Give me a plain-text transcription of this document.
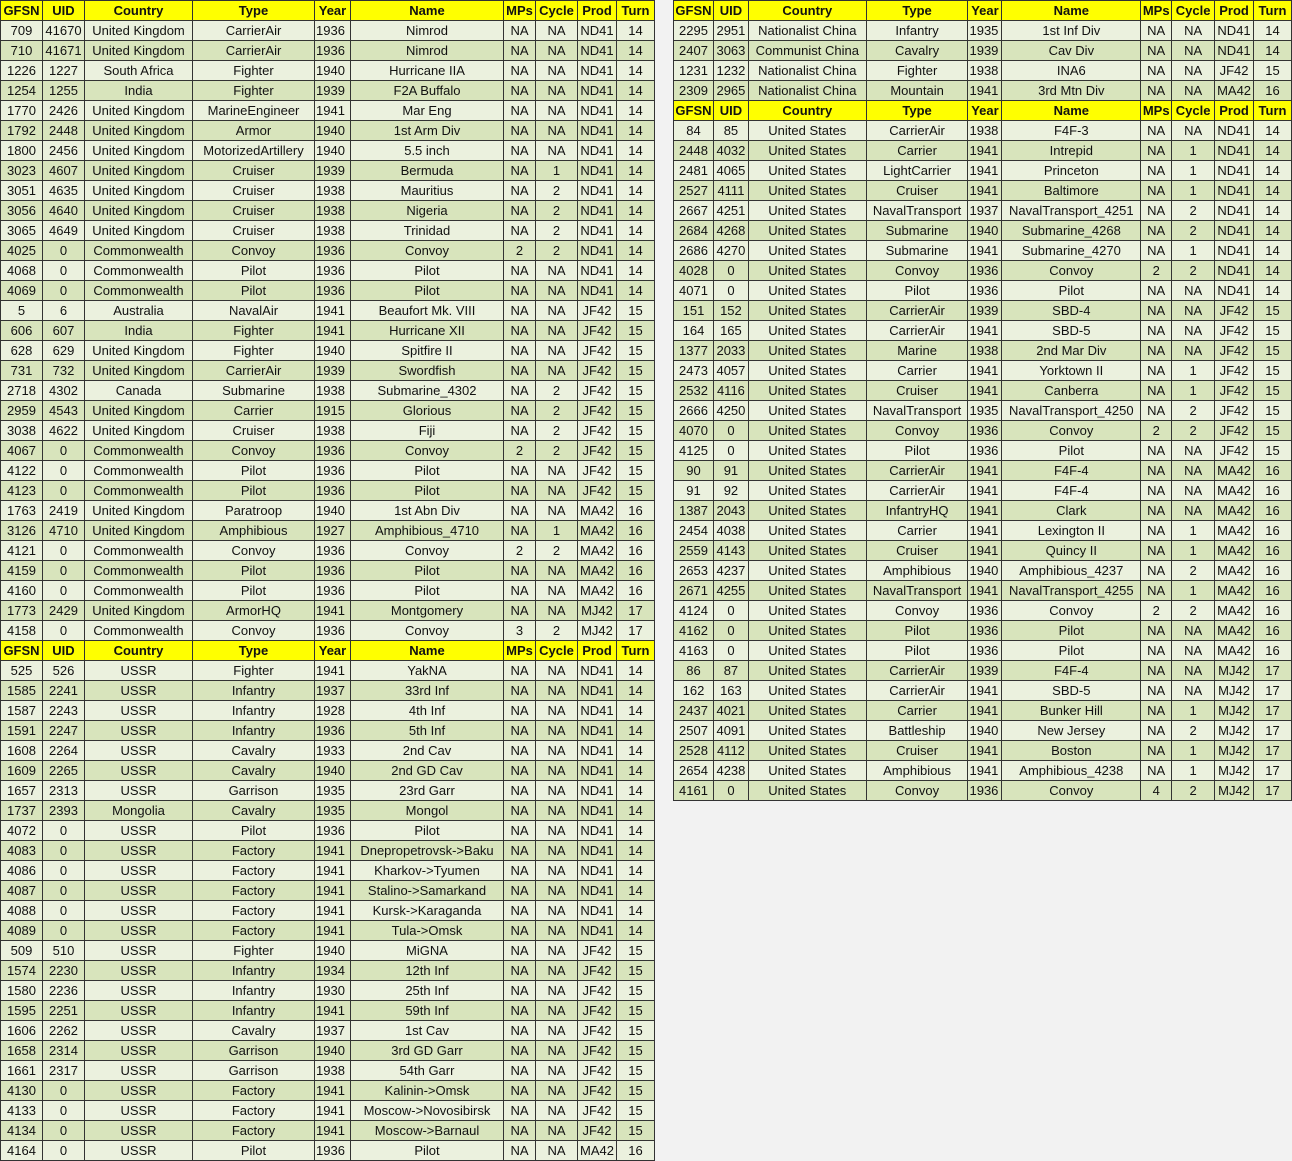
GFSN	UID	Country	Type	Year	Name	MPs	Cycle	Prod	Turn
709	41670	United Kingdom	CarrierAir	1936	Nimrod	NA	NA	ND41	14
710	41671	United Kingdom	CarrierAir	1936	Nimrod	NA	NA	ND41	14
1226	1227	South Africa	Fighter	1940	Hurricane IIA	NA	NA	ND41	14
1254	1255	India	Fighter	1939	F2A Buffalo	NA	NA	ND41	14
1770	2426	United Kingdom	MarineEngineer	1941	Mar Eng	NA	NA	ND41	14
1792	2448	United Kingdom	Armor	1940	1st Arm Div	NA	NA	ND41	14
1800	2456	United Kingdom	MotorizedArtillery	1940	5.5 inch	NA	NA	ND41	14
3023	4607	United Kingdom	Cruiser	1939	Bermuda	NA	1	ND41	14
3051	4635	United Kingdom	Cruiser	1938	Mauritius	NA	2	ND41	14
3056	4640	United Kingdom	Cruiser	1938	Nigeria	NA	2	ND41	14
3065	4649	United Kingdom	Cruiser	1938	Trinidad	NA	2	ND41	14
4025	0	Commonwealth	Convoy	1936	Convoy	2	2	ND41	14
4068	0	Commonwealth	Pilot	1936	Pilot	NA	NA	ND41	14
4069	0	Commonwealth	Pilot	1936	Pilot	NA	NA	ND41	14
5	6	Australia	NavalAir	1941	Beaufort Mk. VIII	NA	NA	JF42	15
606	607	India	Fighter	1941	Hurricane XII	NA	NA	JF42	15
628	629	United Kingdom	Fighter	1940	Spitfire II	NA	NA	JF42	15
731	732	United Kingdom	CarrierAir	1939	Swordfish	NA	NA	JF42	15
2718	4302	Canada	Submarine	1938	Submarine_4302	NA	2	JF42	15
2959	4543	United Kingdom	Carrier	1915	Glorious	NA	2	JF42	15
3038	4622	United Kingdom	Cruiser	1938	Fiji	NA	2	JF42	15
4067	0	Commonwealth	Convoy	1936	Convoy	2	2	JF42	15
4122	0	Commonwealth	Pilot	1936	Pilot	NA	NA	JF42	15
4123	0	Commonwealth	Pilot	1936	Pilot	NA	NA	JF42	15
1763	2419	United Kingdom	Paratroop	1940	1st Abn Div	NA	NA	MA42	16
3126	4710	United Kingdom	Amphibious	1927	Amphibious_4710	NA	1	MA42	16
4121	0	Commonwealth	Convoy	1936	Convoy	2	2	MA42	16
4159	0	Commonwealth	Pilot	1936	Pilot	NA	NA	MA42	16
4160	0	Commonwealth	Pilot	1936	Pilot	NA	NA	MA42	16
1773	2429	United Kingdom	ArmorHQ	1941	Montgomery	NA	NA	MJ42	17
4158	0	Commonwealth	Convoy	1936	Convoy	3	2	MJ42	17
GFSN	UID	Country	Type	Year	Name	MPs	Cycle	Prod	Turn
525	526	USSR	Fighter	1941	YakNA	NA	NA	ND41	14
1585	2241	USSR	Infantry	1937	33rd Inf	NA	NA	ND41	14
1587	2243	USSR	Infantry	1928	4th Inf	NA	NA	ND41	14
1591	2247	USSR	Infantry	1936	5th Inf	NA	NA	ND41	14
1608	2264	USSR	Cavalry	1933	2nd Cav	NA	NA	ND41	14
1609	2265	USSR	Cavalry	1940	2nd GD Cav	NA	NA	ND41	14
1657	2313	USSR	Garrison	1935	23rd Garr	NA	NA	ND41	14
1737	2393	Mongolia	Cavalry	1935	Mongol	NA	NA	ND41	14
4072	0	USSR	Pilot	1936	Pilot	NA	NA	ND41	14
4083	0	USSR	Factory	1941	Dnepropetrovsk->Baku	NA	NA	ND41	14
4086	0	USSR	Factory	1941	Kharkov->Tyumen	NA	NA	ND41	14
4087	0	USSR	Factory	1941	Stalino->Samarkand	NA	NA	ND41	14
4088	0	USSR	Factory	1941	Kursk->Karaganda	NA	NA	ND41	14
4089	0	USSR	Factory	1941	Tula->Omsk	NA	NA	ND41	14
509	510	USSR	Fighter	1940	MiGNA	NA	NA	JF42	15
1574	2230	USSR	Infantry	1934	12th Inf	NA	NA	JF42	15
1580	2236	USSR	Infantry	1930	25th Inf	NA	NA	JF42	15
1595	2251	USSR	Infantry	1941	59th Inf	NA	NA	JF42	15
1606	2262	USSR	Cavalry	1937	1st Cav	NA	NA	JF42	15
1658	2314	USSR	Garrison	1940	3rd GD Garr	NA	NA	JF42	15
1661	2317	USSR	Garrison	1938	54th Garr	NA	NA	JF42	15
4130	0	USSR	Factory	1941	Kalinin->Omsk	NA	NA	JF42	15
4133	0	USSR	Factory	1941	Moscow->Novosibirsk	NA	NA	JF42	15
4134	0	USSR	Factory	1941	Moscow->Barnaul	NA	NA	JF42	15
4164	0	USSR	Pilot	1936	Pilot	NA	NA	MA42	16
GFSN	UID	Country	Type	Year	Name	MPs	Cycle	Prod	Turn
2295	2951	Nationalist China	Infantry	1935	1st Inf Div	NA	NA	ND41	14
2407	3063	Communist China	Cavalry	1939	Cav Div	NA	NA	ND41	14
1231	1232	Nationalist China	Fighter	1938	INA6	NA	NA	JF42	15
2309	2965	Nationalist China	Mountain	1941	3rd Mtn Div	NA	NA	MA42	16
GFSN	UID	Country	Type	Year	Name	MPs	Cycle	Prod	Turn
84	85	United States	CarrierAir	1938	F4F-3	NA	NA	ND41	14
2448	4032	United States	Carrier	1941	Intrepid	NA	1	ND41	14
2481	4065	United States	LightCarrier	1941	Princeton	NA	1	ND41	14
2527	4111	United States	Cruiser	1941	Baltimore	NA	1	ND41	14
2667	4251	United States	NavalTransport	1937	NavalTransport_4251	NA	2	ND41	14
2684	4268	United States	Submarine	1940	Submarine_4268	NA	2	ND41	14
2686	4270	United States	Submarine	1941	Submarine_4270	NA	1	ND41	14
4028	0	United States	Convoy	1936	Convoy	2	2	ND41	14
4071	0	United States	Pilot	1936	Pilot	NA	NA	ND41	14
151	152	United States	CarrierAir	1939	SBD-4	NA	NA	JF42	15
164	165	United States	CarrierAir	1941	SBD-5	NA	NA	JF42	15
1377	2033	United States	Marine	1938	2nd Mar Div	NA	NA	JF42	15
2473	4057	United States	Carrier	1941	Yorktown II	NA	1	JF42	15
2532	4116	United States	Cruiser	1941	Canberra	NA	1	JF42	15
2666	4250	United States	NavalTransport	1935	NavalTransport_4250	NA	2	JF42	15
4070	0	United States	Convoy	1936	Convoy	2	2	JF42	15
4125	0	United States	Pilot	1936	Pilot	NA	NA	JF42	15
90	91	United States	CarrierAir	1941	F4F-4	NA	NA	MA42	16
91	92	United States	CarrierAir	1941	F4F-4	NA	NA	MA42	16
1387	2043	United States	InfantryHQ	1941	Clark	NA	NA	MA42	16
2454	4038	United States	Carrier	1941	Lexington II	NA	1	MA42	16
2559	4143	United States	Cruiser	1941	Quincy II	NA	1	MA42	16
2653	4237	United States	Amphibious	1940	Amphibious_4237	NA	2	MA42	16
2671	4255	United States	NavalTransport	1941	NavalTransport_4255	NA	1	MA42	16
4124	0	United States	Convoy	1936	Convoy	2	2	MA42	16
4162	0	United States	Pilot	1936	Pilot	NA	NA	MA42	16
4163	0	United States	Pilot	1936	Pilot	NA	NA	MA42	16
86	87	United States	CarrierAir	1939	F4F-4	NA	NA	MJ42	17
162	163	United States	CarrierAir	1941	SBD-5	NA	NA	MJ42	17
2437	4021	United States	Carrier	1941	Bunker Hill	NA	1	MJ42	17
2507	4091	United States	Battleship	1940	New Jersey	NA	2	MJ42	17
2528	4112	United States	Cruiser	1941	Boston	NA	1	MJ42	17
2654	4238	United States	Amphibious	1941	Amphibious_4238	NA	1	MJ42	17
4161	0	United States	Convoy	1936	Convoy	4	2	MJ42	17
